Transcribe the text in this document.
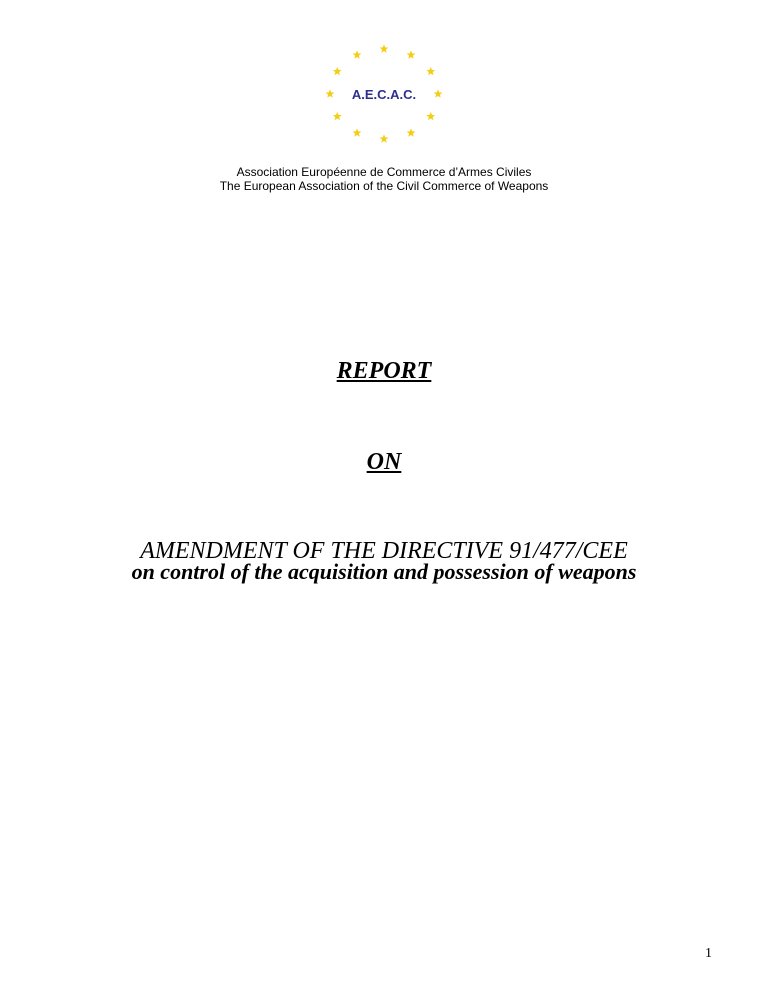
A.E.C.A.C.
Association Européenne de Commerce d’Armes Civiles
The European Association of the Civil Commerce of Weapons
REPORT
ON
AMENDMENT OF THE DIRECTIVE 91/477/CEE
on control of the acquisition and possession of weapons
1
